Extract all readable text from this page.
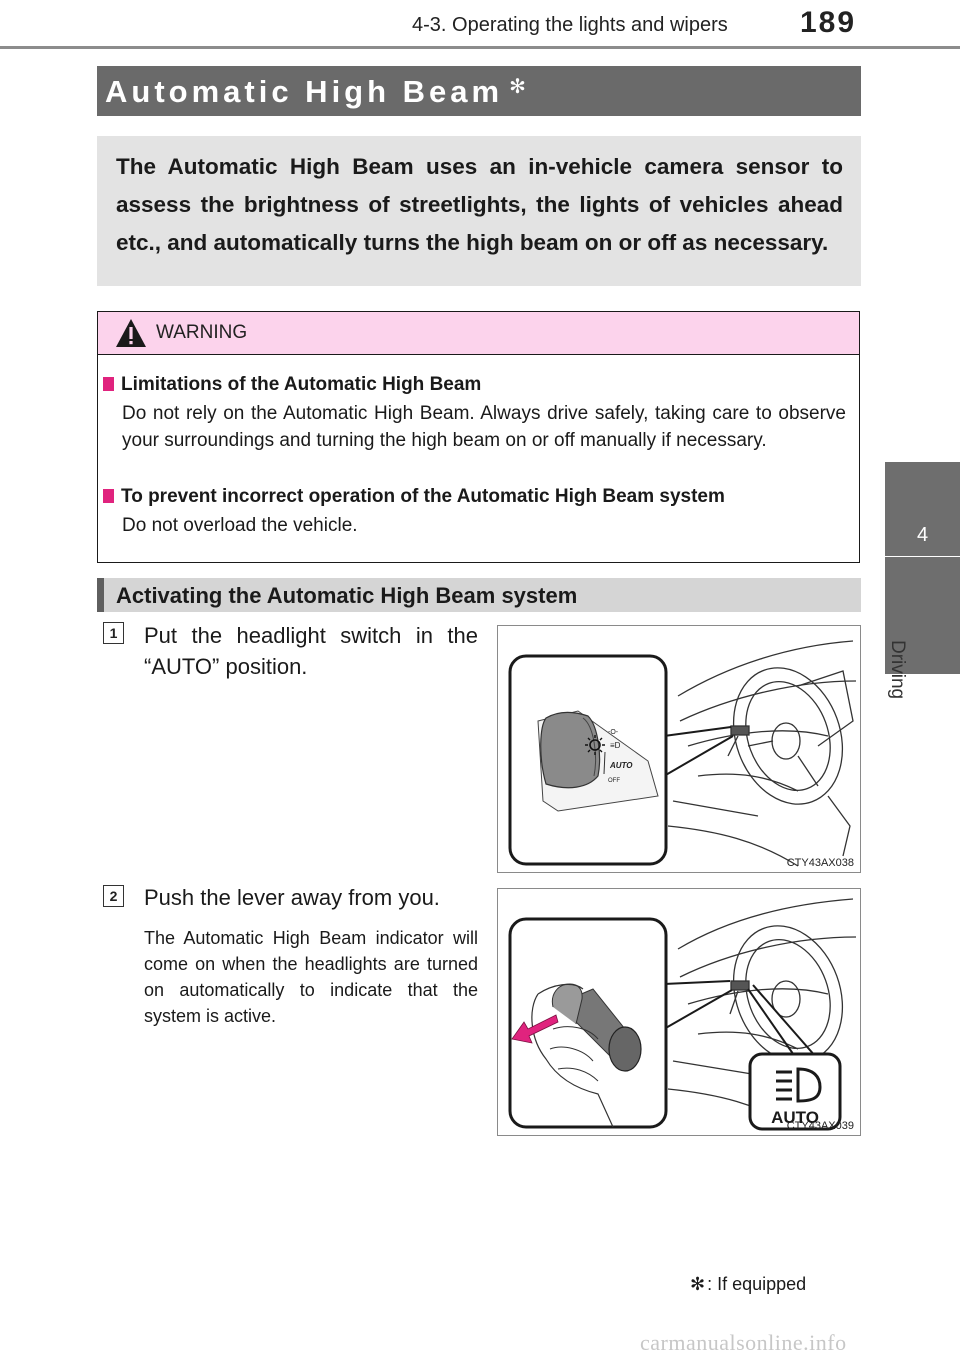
4-3. Operating the lights and wipers 189
4
Driving
Automatic High Beam ✻
The Automatic High Beam uses an in-vehicle camera sensor to assess the brightness of streetlights, the lights of vehicles ahead etc., and automatically turns the high beam on or off as necessary.
WARNING
Limitations of the Automatic High Beam
Do not rely on the Automatic High Beam. Always drive safely, taking care to observe your surroundings and turning the high beam on or off manually if necessary.
To prevent incorrect operation of the Automatic High Beam system
Do not overload the vehicle.
Activating the Automatic High Beam system
1	Put the headlight switch in the “AUTO” position.
≡D
-O-
AUTO
OFF
CTY43AX038
2	Push the lever away from you.
The Automatic High Beam indicator will come on when the headlights are turned on automatically to indicate that the system is active.
AUTO
CTY43AX039
✻ : If equipped
carmanualsonline.info
